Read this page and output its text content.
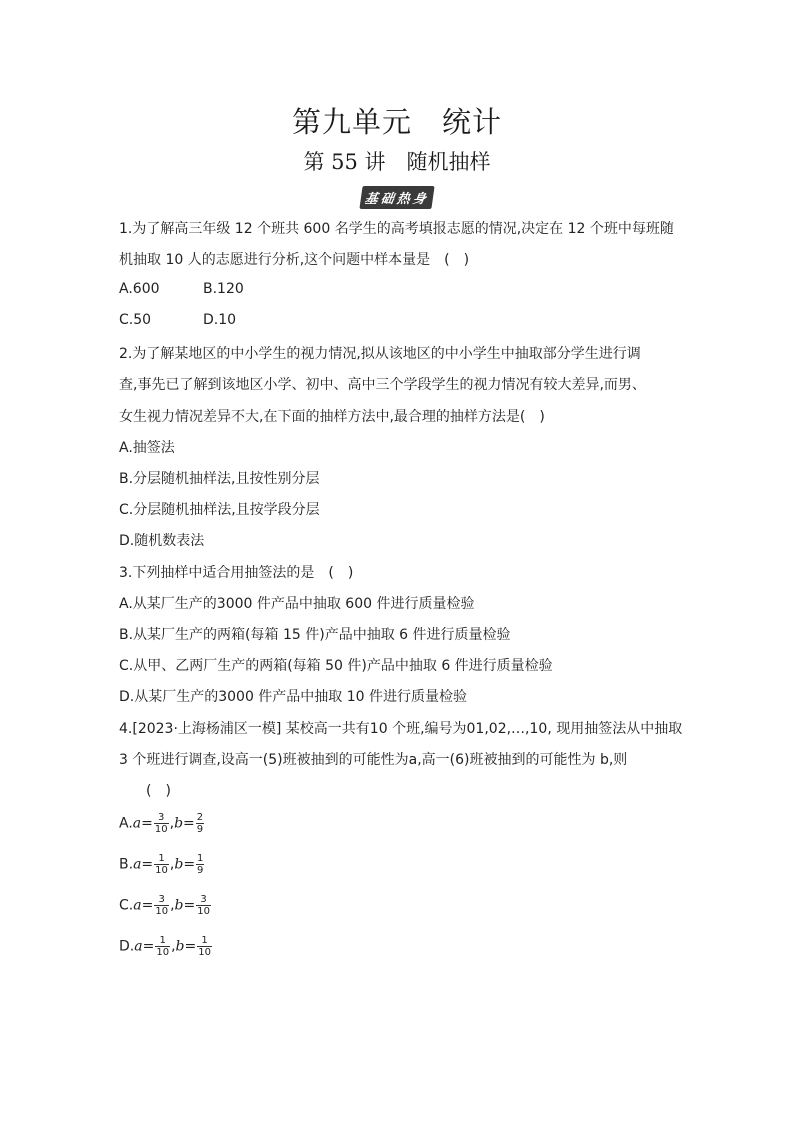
第九单元　统计
第 55 讲　随机抽样
基础热身
1.为了解高三年级 12 个班共 600 名学生的高考填报志愿的情况,决定在 12 个班中每班随
机抽取 10 人的志愿进行分析,这个问题中样本量是　(　)
A.600	B.120
C.50	D.10
2.为了解某地区的中小学生的视力情况,拟从该地区的中小学生中抽取部分学生进行调
查,事先已了解到该地区小学、初中、高中三个学段学生的视力情况有较大差异,而男、
女生视力情况差异不大,在下面的抽样方法中,最合理的抽样方法是(　)
A.抽签法
B.分层随机抽样法,且按性别分层
C.分层随机抽样法,且按学段分层
D.随机数表法
3.下列抽样中适合用抽签法的是　(　)
A.从某厂生产的3000 件产品中抽取 600 件进行质量检验
B.从某厂生产的两箱(每箱 15 件)产品中抽取 6 件进行质量检验
C.从甲、乙两厂生产的两箱(每箱 50 件)产品中抽取 6 件进行质量检验
D.从某厂生产的3000 件产品中抽取 10 件进行质量检验
4.[2023·上海杨浦区一模] 某校高一共有10 个班,编号为01,02,…,10, 现用抽签法从中抽取
3 个班进行调查,设高一(5)班被抽到的可能性为a,高一(6)班被抽到的可能性为 b,则
(　)
$A.a= \frac{3}{10} ,b= \frac{2}{9}$
$B.a= \frac{1}{10} ,b= \frac{1}{9}$
$C.a= \frac{3}{10} ,b= \frac{3}{10}$
$D.a= \frac{1}{10} ,b= \frac{1}{10}$
